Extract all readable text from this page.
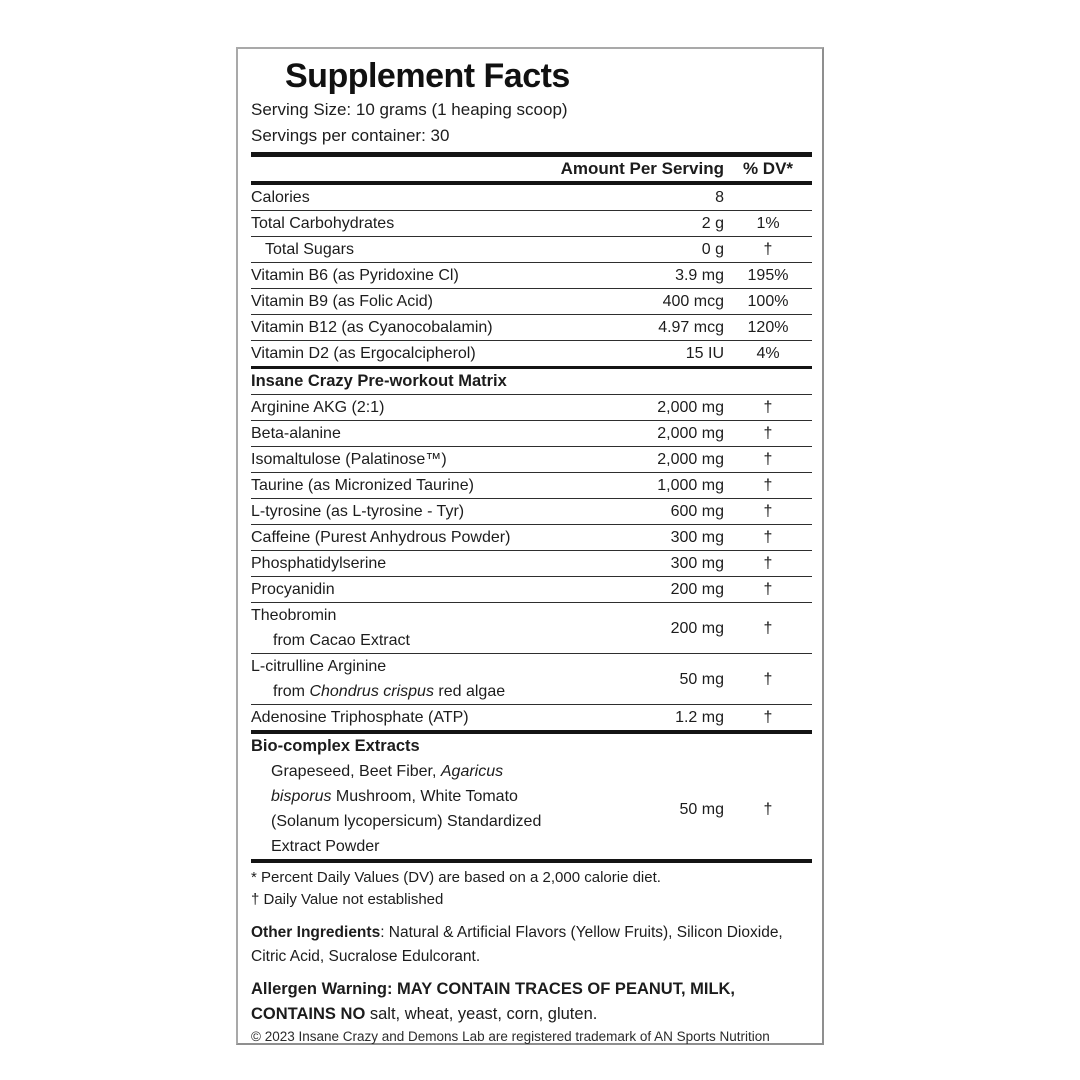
Supplement Facts
Serving Size: 10 grams (1 heaping scoop)
Servings per container: 30
Amount Per Serving	% DV*
Calories	8
Total Carbohydrates	2 g	1%
Total Sugars	0 g	†
Vitamin B6 (as Pyridoxine Cl)	3.9 mg	195%
Vitamin B9 (as Folic Acid)	400 mcg	100%
Vitamin B12 (as Cyanocobalamin)	4.97 mcg	120%
Vitamin D2 (as Ergocalcipherol)	15 IU	4%
Insane Crazy Pre-workout Matrix
Arginine AKG (2:1)	2,000 mg	†
Beta-alanine	2,000 mg	†
Isomaltulose (Palatinose™)	2,000 mg	†
Taurine (as Micronized Taurine)	1,000 mg	†
L-tyrosine (as L-tyrosine - Tyr)	600 mg	†
Caffeine (Purest Anhydrous Powder)	300 mg	†
Phosphatidylserine	300 mg	†
Procyanidin	200 mg	†
Theobromin
from Cacao Extract
200 mg	†
L-citrulline Arginine
from Chondrus crispus red algae
50 mg	†
Adenosine Triphosphate (ATP)	1.2 mg	†
Bio-complex Extracts
Grapeseed, Beet Fiber, Agaricus
bisporus Mushroom, White Tomato
(Solanum lycopersicum) Standardized
Extract Powder
50 mg	†
* Percent Daily Values (DV) are based on a 2,000 calorie diet.
† Daily Value not established

Other Ingredients: Natural & Artificial Flavors (Yellow Fruits), Silicon Dioxide, Citric Acid, Sucralose Edulcorant.

Allergen Warning: MAY CONTAIN TRACES OF PEANUT, MILK, CONTAINS NO salt, wheat, yeast, corn, gluten.

© 2023 Insane Crazy and Demons Lab are registered trademark of AN Sports Nutrition
